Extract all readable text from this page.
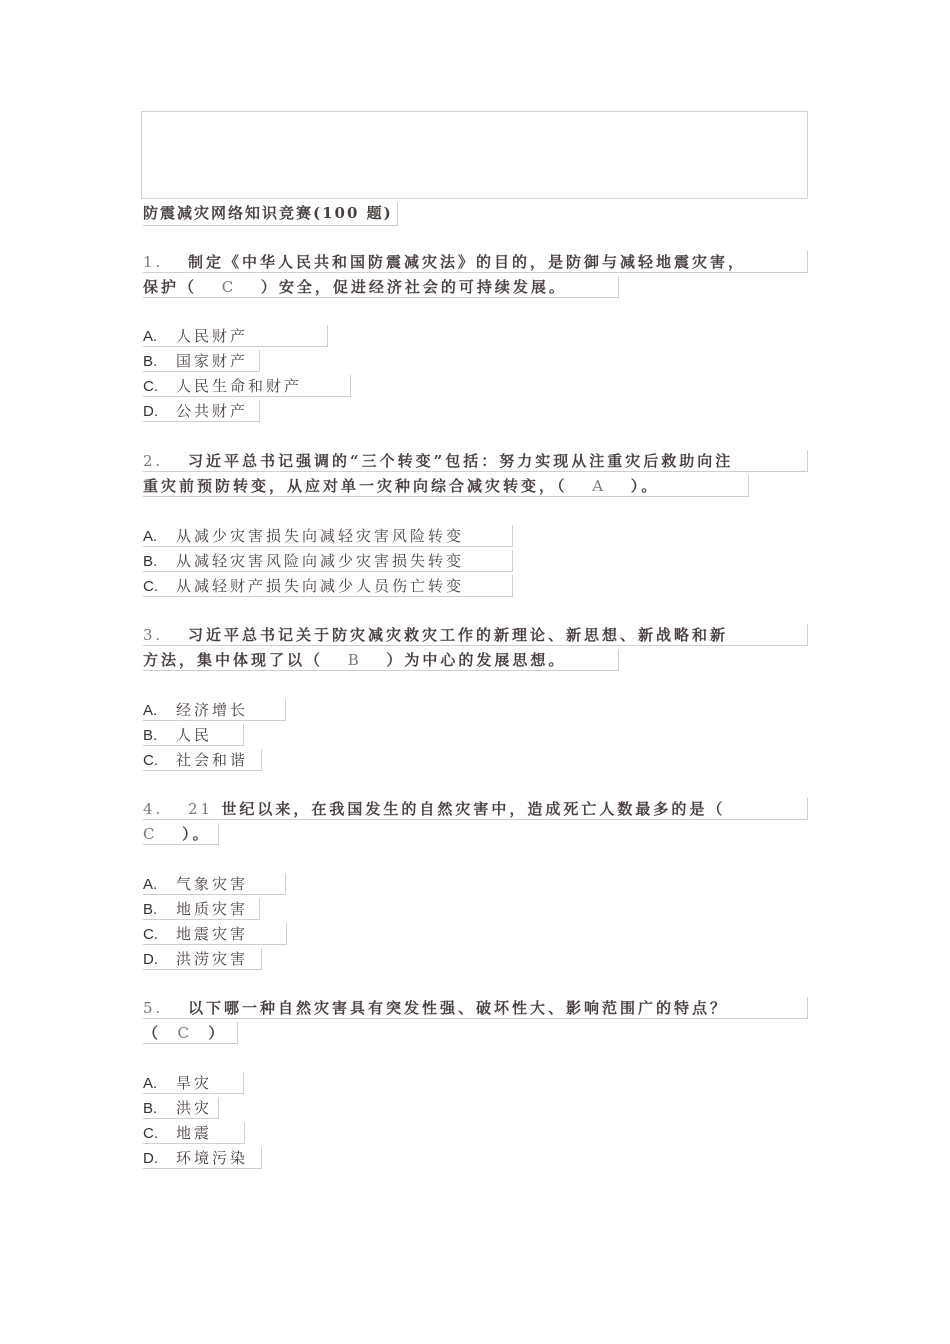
防震减灾网络知识竞赛(100 题)
1. 制定《中华人民共和国防震减灾法》的目的，是防御与减轻地震灾害，
保护（ C ）安全，促进经济社会的可持续发展。
A. 人民财产
B. 国家财产
C. 人民生命和财产
D. 公共财产
2. 习近平总书记强调的“三个转变”包括：努力实现从注重灾后救助向注
重灾前预防转变，从应对单一灾种向综合减灾转变，（ A ）。
A. 从减少灾害损失向减轻灾害风险转变
B. 从减轻灾害风险向减少灾害损失转变
C. 从减轻财产损失向减少人员伤亡转变
3. 习近平总书记关于防灾减灾救灾工作的新理论、新思想、新战略和新
方法，集中体现了以（ B ）为中心的发展思想。
A. 经济增长
B. 人民
C. 社会和谐
4. 21 世纪以来，在我国发生的自然灾害中，造成死亡人数最多的是（
C ）。
A. 气象灾害
B. 地质灾害
C. 地震灾害
D. 洪涝灾害
5. 以下哪一种自然灾害具有突发性强、破坏性大、影响范围广的特点？
（ C ）
A. 旱灾
B. 洪灾
C. 地震
D. 环境污染
